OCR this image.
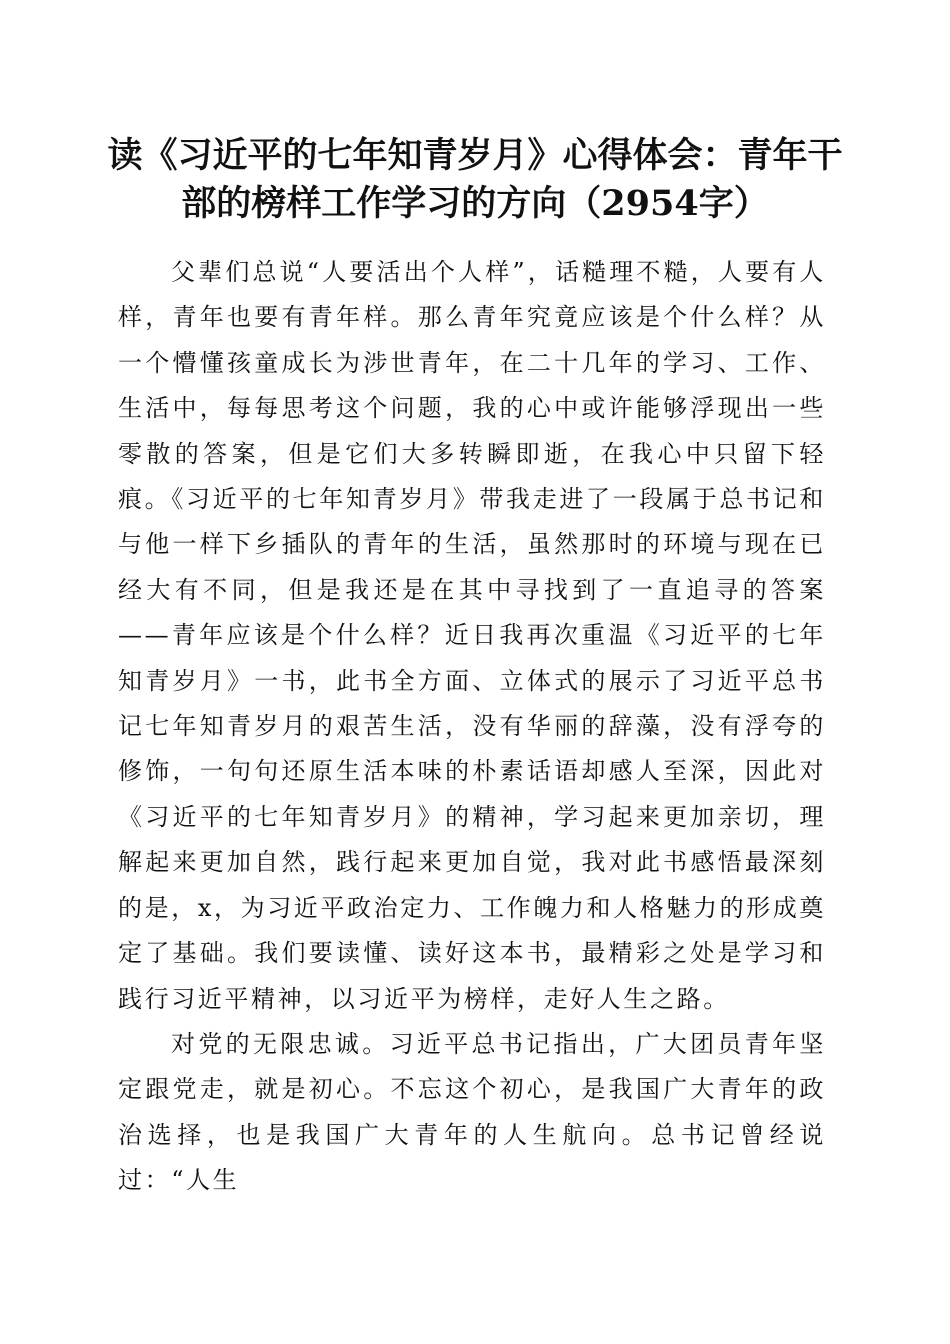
读《习近平的七年知青岁月》心得体会：青年干部的榜样工作学习的方向（2954字）

父辈们总说“人要活出个人样”，话糙理不糙，人要有人样，青年也要有青年样。那么青年究竟应该是个什么样？从一个懵懂孩童成长为涉世青年，在二十几年的学习、工作、生活中，每每思考这个问题，我的心中或许能够浮现出一些零散的答案，但是它们大多转瞬即逝，在我心中只留下轻痕。《习近平的七年知青岁月》带我走进了一段属于总书记和与他一样下乡插队的青年的生活，虽然那时的环境与现在已经大有不同，但是我还是在其中寻找到了一直追寻的答案——青年应该是个什么样？近日我再次重温《习近平的七年知青岁月》一书，此书全方面、立体式的展示了习近平总书记七年知青岁月的艰苦生活，没有华丽的辞藻，没有浮夸的修饰，一句句还原生活本味的朴素话语却感人至深，因此对《习近平的七年知青岁月》的精神，学习起来更加亲切，理解起来更加自然，践行起来更加自觉，我对此书感悟最深刻的是，x，为习近平政治定力、工作魄力和人格魅力的形成奠定了基础。我们要读懂、读好这本书，最精彩之处是学习和践行习近平精神，以习近平为榜样，走好人生之路。

对党的无限忠诚。习近平总书记指出，广大团员青年坚定跟党走，就是初心。不忘这个初心，是我国广大青年的政治选择，也是我国广大青年的人生航向。总书记曾经说过：“人生
